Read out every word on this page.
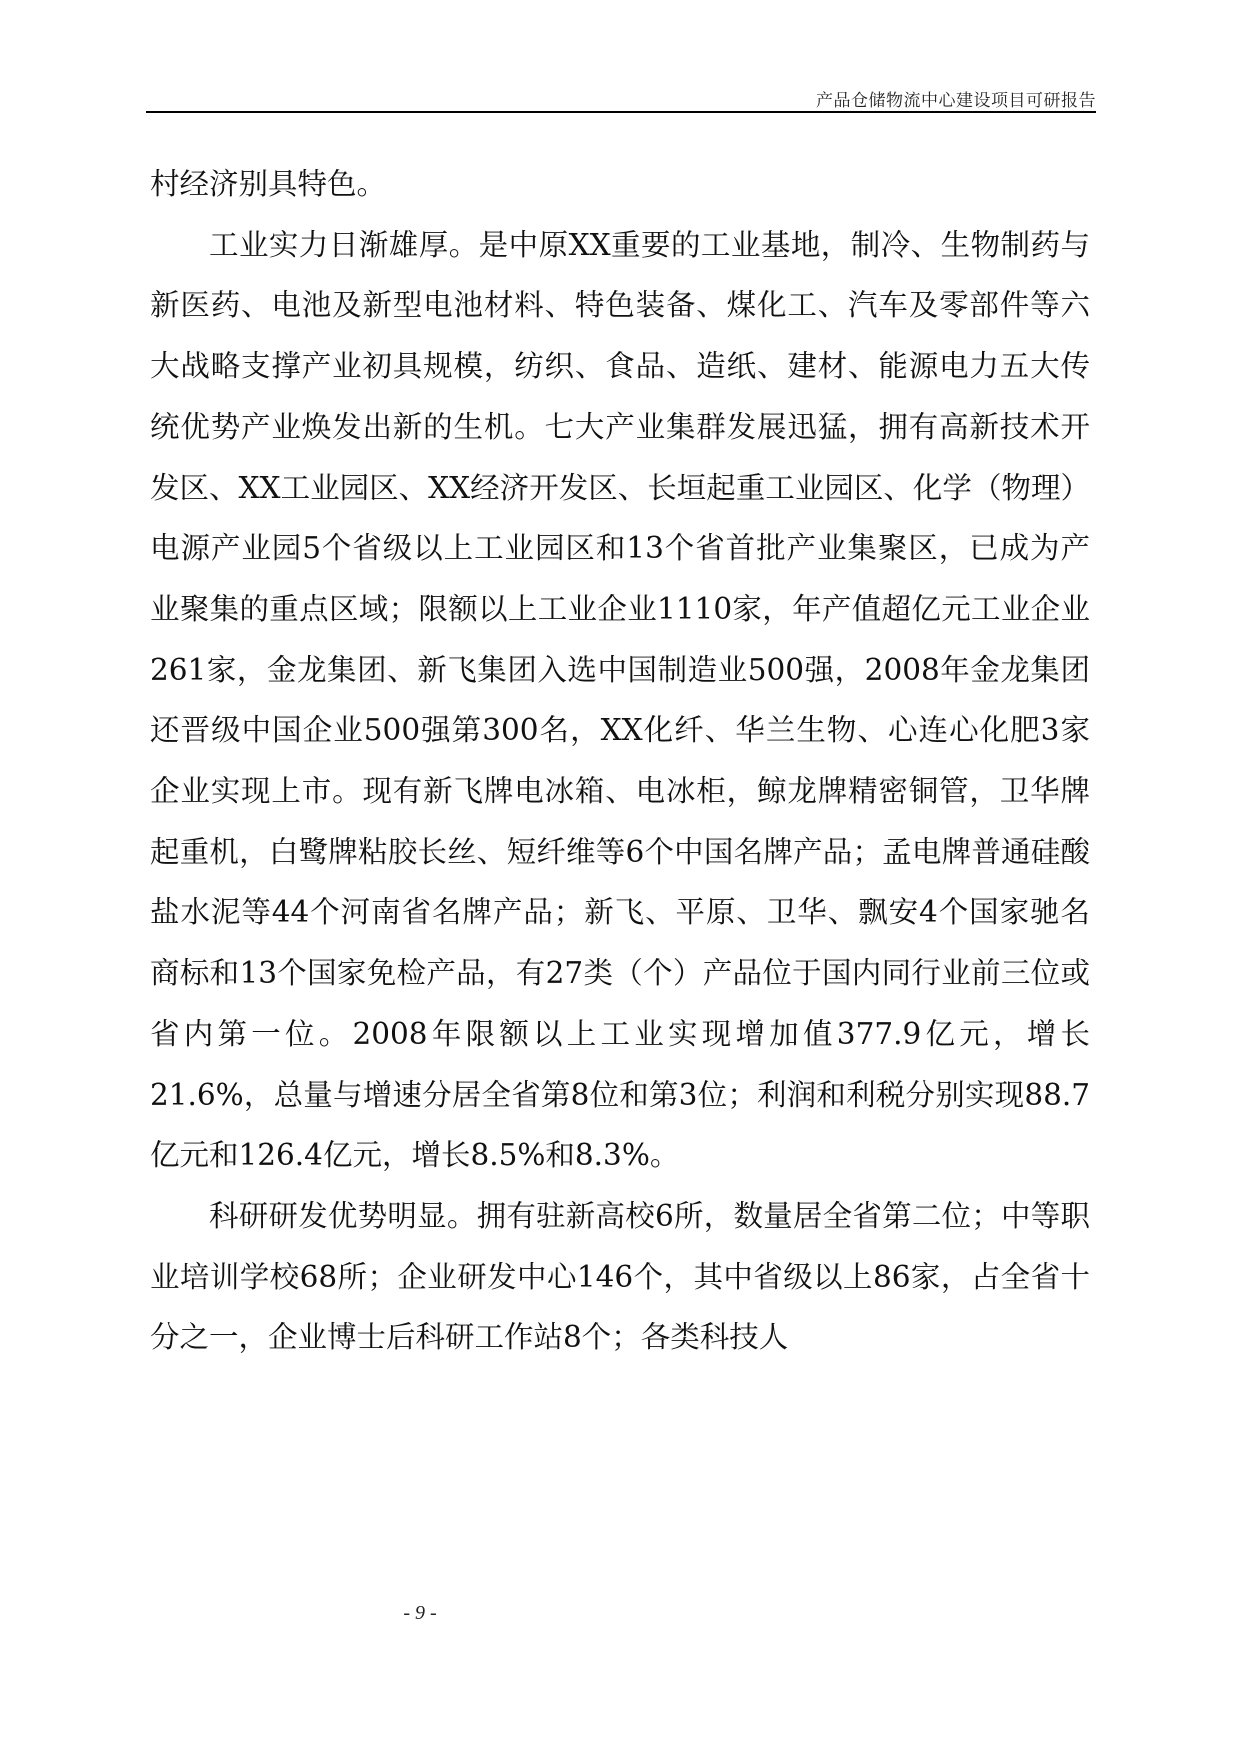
产品仓储物流中心建设项目可研报告

村经济别具特色。

工业实力日渐雄厚。是中原XX重要的工业基地，制冷、生物制药与新医药、电池及新型电池材料、特色装备、煤化工、汽车及零部件等六大战略支撑产业初具规模，纺织、食品、造纸、建材、能源电力五大传统优势产业焕发出新的生机。七大产业集群发展迅猛，拥有高新技术开发区、XX工业园区、XX经济开发区、长垣起重工业园区、化学（物理）电源产业园5个省级以上工业园区和13个省首批产业集聚区，已成为产业聚集的重点区域；限额以上工业企业1110家，年产值超亿元工业企业261家，金龙集团、新飞集团入选中国制造业500强，2008年金龙集团还晋级中国企业500强第300名，XX化纤、华兰生物、心连心化肥3家企业实现上市。现有新飞牌电冰箱、电冰柜，鲸龙牌精密铜管，卫华牌起重机，白鹭牌粘胶长丝、短纤维等6个中国名牌产品；孟电牌普通硅酸盐水泥等44个河南省名牌产品；新飞、平原、卫华、飘安4个国家驰名商标和13个国家免检产品，有27类（个）产品位于国内同行业前三位或省内第一位。2008年限额以上工业实现增加值377.9亿元，增长21.6%，总量与增速分居全省第8位和第3位；利润和利税分别实现88.7亿元和126.4亿元，增长8.5%和8.3%。

科研研发优势明显。拥有驻新高校6所，数量居全省第二位；中等职业培训学校68所；企业研发中心146个，其中省级以上86家，占全省十分之一，企业博士后科研工作站8个；各类科技人

- 9 -
